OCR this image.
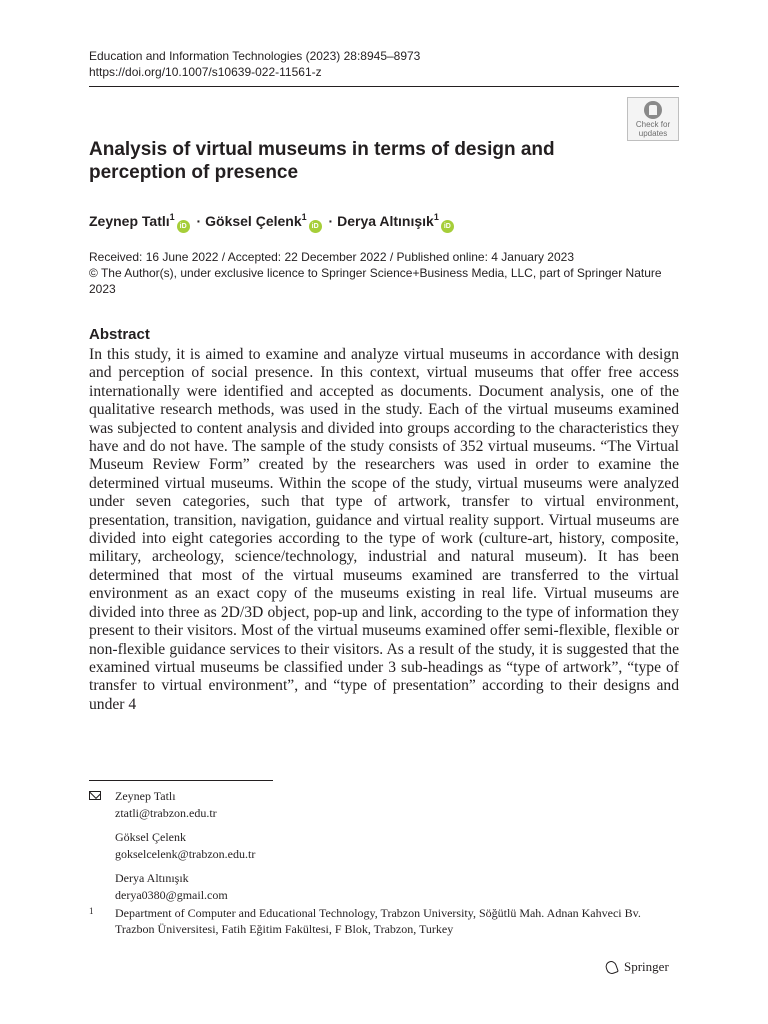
Education and Information Technologies (2023) 28:8945–8973
https://doi.org/10.1007/s10639-022-11561-z
Check for
updates
Analysis of virtual museums in terms of design and perception of presence
Zeynep Tatlı$^1$iD · Göksel Çelenk$^1$iD · Derya Altınışık$^1$iD
Received: 16 June 2022 / Accepted: 22 December 2022 / Published online: 4 January 2023
© The Author(s), under exclusive licence to Springer Science+Business Media, LLC, part of Springer Nature 2023
Abstract

In this study, it is aimed to examine and analyze virtual museums in accordance with design and perception of social presence. In this context, virtual museums that offer free access internationally were identified and accepted as documents. Document analysis, one of the qualitative research methods, was used in the study. Each of the virtual museums examined was subjected to content analysis and divided into groups according to the characteristics they have and do not have. The sample of the study consists of 352 virtual museums. “The Virtual Museum Review Form” created by the researchers was used in order to examine the determined virtual museums. Within the scope of the study, virtual museums were analyzed under seven categories, such that type of artwork, transfer to virtual environment, presentation, transition, navigation, guidance and virtual reality support. Virtual museums are divided into eight categories according to the type of work (culture-art, history, composite, military, archeology, science/technology, industrial and natural museum). It has been determined that most of the virtual museums examined are transferred to the virtual environment as an exact copy of the museums existing in real life. Virtual museums are divided into three as 2D/3D object, pop-up and link, according to the type of information they present to their visitors. Most of the virtual museums examined offer semi-flexible, flexible or non-flexible guidance services to their visitors. As a result of the study, it is suggested that the examined virtual museums be classified under 3 sub-headings as “type of artwork”, “type of transfer to virtual environment”, and “type of presentation” according to their designs and under 4

Zeynep Tatlı
ztatli@trabzon.edu.tr
Göksel Çelenk
gokselcelenk@trabzon.edu.tr
Derya Altınışık
derya0380@gmail.com
1 Department of Computer and Educational Technology, Trabzon University, Söğütlü Mah. Adnan Kahveci Bv. Trazbon Üniversitesi, Fatih Eğitim Fakültesi, F Blok, Trabzon, Turkey
Springer
